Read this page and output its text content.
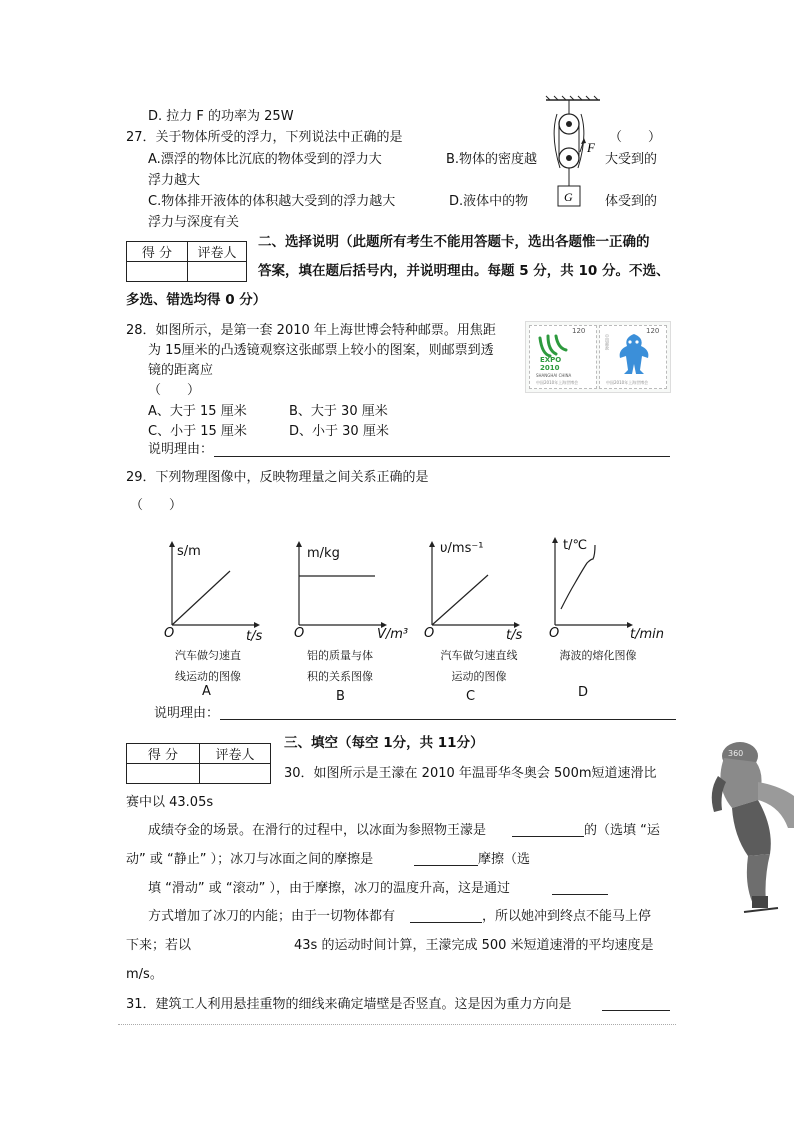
D. 拉力 F 的功率为 25W
27．关于物体所受的浮力，下列说法中正确的是	（　　）
A.漂浮的物体比沉底的物体受到的浮力大	B.物体的密度越	大受到的
浮力越大
C.物体排开液体的体积越大受到的浮力越大	D.液体中的物	体受到的
浮力与深度有关
F
G
得 分	评卷人

二、选择说明（此题所有考生不能用答题卡，选出各题惟一正确的
答案，填在题后括号内，并说明理由。每题 5 分，共 10 分。不选、
多选、错选均得 0 分）
28．如图所示，是第一套 2010 年上海世博会特种邮票。用焦距
为 15厘米的凸透镜观察这张邮票上较小的图案，则邮票到透
镜的距离应
（　　）
A、大于 15 厘米	B、大于 30 厘米
C、小于 15 厘米	D、小于 30 厘米
说明理由：
120
EXPO
2010
SHANGHAI CHINA
中国2010年上海世博会
120
中国邮政
中国2010年上海世博会
29．下列物理图像中，反映物理量之间关系正确的是
（　　）
s/m
t/s
O
汽车做匀速直
线运动的图像
A
m/kg
V/m³
O
铝的质量与体
积的关系图像
B
υ/ms⁻¹
t/s
O
汽车做匀速直线
运动的图像
C
t/℃
t/min
O
海波的熔化图像
D
说明理由：
得 分	评卷人

三、填空（每空 1分，共 11分）
30．如图所示是王濛在 2010 年温哥华冬奥会 500m短道速滑比
赛中以 43.05s
成绩夺金的场景。在滑行的过程中，以冰面为参照物王濛是	的（选填 “运
动” 或 “静止” ）；冰刀与冰面之间的摩擦是	摩擦（选
填 “滑动” 或 “滚动” ），由于摩擦，冰刀的温度升高，这是通过
方式增加了冰刀的内能；由于一切物体都有	，所以她冲到终点不能马上停
下来；若以	43s 的运动时间计算，王濛完成 500 米短道速滑的平均速度是
m/s。
360
31．建筑工人利用悬挂重物的细线来确定墙壁是否竖直。这是因为重力方向是
